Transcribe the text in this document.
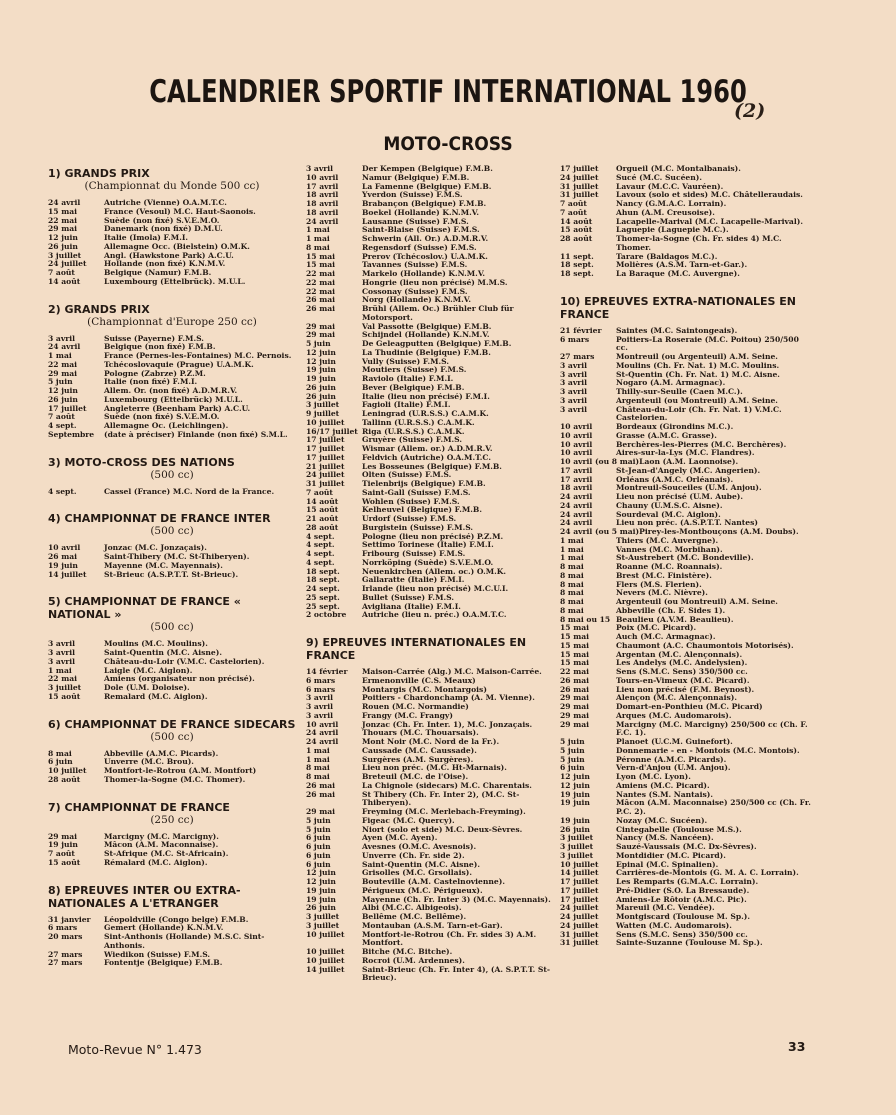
CALENDRIER SPORTIF INTERNATIONAL 1960
(2)
MOTO-CROSS
1) GRANDS PRIX
(Championnat du Monde 500 cc)
24 avril	Autriche (Vienne) O.A.M.T.C.
15 mai	France (Vesoul) M.C. Haut-Saonois.
22 mai	Suède (non fixé) S.V.E.M.O.
29 mai	Danemark (non fixé) D.M.U.
12 juin	Italie (Imola) F.M.I.
26 juin	Allemagne Occ. (Bielstein) O.M.K.
3 juillet	Angl. (Hawkstone Park) A.C.U.
24 juillet	Hollande (non fixé) K.N.M.V.
7 août	Belgique (Namur) F.M.B.
14 août	Luxembourg (Ettelbrück). M.U.L.
2) GRANDS PRIX
(Championnat d'Europe 250 cc)
3 avril	Suisse (Payerne) F.M.S.
24 avril	Belgique (non fixé) F.M.B.
1 mai	France (Pernes-les-Fontaines) M.C. Pernois.
22 mai	Tchécoslovaquie (Prague) U.A.M.K.
29 mai	Pologne (Zabrze) P.Z.M.
5 juin	Italie (non fixé) F.M.I.
12 juin	Allem. Or. (non fixé) A.D.M.R.V.
26 juin	Luxembourg (Ettelbrück) M.U.L.
17 juillet	Angleterre (Beenham Park) A.C.U.
7 août	Suède (non fixé) S.V.E.M.O.
4 sept.	Allemagne Oc. (Leichlingen).
Septembre	(date à préciser) Finlande (non fixé) S.M.L.
3) MOTO-CROSS DES NATIONS
(500 cc)
4 sept.	Cassel (France) M.C. Nord de la France.
4) CHAMPIONNAT DE FRANCE INTER
(500 cc)
10 avril	Jonzac (M.C. Jonzaçais).
26 mai	Saint-Thibery (M.C. St-Thiberyen).
19 juin	Mayenne (M.C. Mayennais).
14 juillet	St-Brieuc (A.S.P.T.T. St-Brieuc).
5) CHAMPIONNAT DE FRANCE « NATIONAL »
(500 cc)
3 avril	Moulins (M.C. Moulins).
3 avril	Saint-Quentin (M.C. Aisne).
3 avril	Château-du-Loir (V.M.C. Castelorien).
1 mai	Laigle (M.C. Aiglon).
22 mai	Amiens (organisateur non précisé).
3 juillet	Dole (U.M. Doloise).
15 août	Remalard (M.C. Aiglon).
6) CHAMPIONNAT DE FRANCE SIDECARS
(500 cc)
8 mai	Abbeville (A.M.C. Picards).
6 juin	Unverre (M.C. Brou).
10 juillet	Montfort-le-Rotrou (A.M. Montfort)
28 août	Thomer-la-Sogne (M.C. Thomer).
7) CHAMPIONNAT DE FRANCE
(250 cc)
29 mai	Marcigny (M.C. Marcigny).
19 juin	Mâcon (A.M. Maconnaise).
7 août	St-Afrique (M.C. St-Africain).
15 août	Rémalard (M.C. Aiglon).
8) EPREUVES INTER OU EXTRA-NATIONALES A L'ETRANGER
31 janvier	Léopoldville (Congo belge) F.M.B.
6 mars	Gemert (Hollande) K.N.M.V.
20 mars	Sint-Anthonis (Hollande) M.S.C. Sint-Anthonis.
27 mars	Wiedikon (Suisse) F.M.S.
27 mars	Fontentje (Belgique) F.M.B.
3 avril	Der Kempen (Belgique) F.M.B.
10 avril	Namur (Belgique) F.M.B.
17 avril	La Famenne (Belgique) F.M.B.
18 avril	Yverdon (Suisse) F.M.S.
18 avril	Brabançon (Belgique) F.M.B.
18 avril	Boekel (Hollande) K.N.M.V.
24 avril	Lausanne (Suisse) F.M.S.
1 mai	Saint-Blaise (Suisse) F.M.S.
1 mai	Schwerin (All. Or.) A.D.M.R.V.
8 mai	Regensdorf (Suisse) F.M.S.
15 mai	Prerov (Tchécoslov.) U.A.M.K.
15 mai	Tavannes (Suisse) F.M.S.
22 mai	Markelo (Hollande) K.N.M.V.
22 mai	Hongrie (lieu non précisé) M.M.S.
22 mai	Cossonay (Suisse) F.M.S.
26 mai	Norg (Hollande) K.N.M.V.
26 mai	Brühl (Allem. Oc.) Brühler Club für Motorsport.
29 mai	Val Passotte (Belgique) F.M.B.
29 mai	Schijndel (Hollande) K.N.M.V.
5 juin	De Geleagputten (Belgique) F.M.B.
12 juin	La Thudinie (Belgique) F.M.B.
12 juin	Vully (Suisse) F.M.S.
19 juin	Moutiers (Suisse) F.M.S.
19 juin	Raviolo (Italie) F.M.I.
26 juin	Bever (Belgique) F.M.B.
26 juin	Italie (lieu non précisé) F.M.I.
3 juillet	Fagioli (Italie) F.M.I.
9 juillet	Leningrad (U.R.S.S.) C.A.M.K.
10 juillet	Tallinn (U.R.S.S.) C.A.M.K.
16/17 juillet Riga (U.R.S.S.) C.A.M.K.
17 juillet	Gruyère (Suisse) F.M.S.
17 juillet	Wismar (Allem. or.) A.D.M.R.V.
17 juillet	Feldvich (Autriche) O.A.M.T.C.
21 juillet	Les Bosseunes (Belgique) F.M.B.
24 juillet	Olten (Suisse) F.M.S.
31 juillet	Tielenbrijs (Belgique) F.M.B.
7 août	Saint-Gall (Suisse) F.M.S.
14 août	Wohlen (Suisse) F.M.S.
15 août	Kelheuvel (Belgique) F.M.B.
21 août	Urdorf (Suisse) F.M.S.
28 août	Burgistein (Suisse) F.M.S.
4 sept.	Pologne (lieu non précisé) P.Z.M.
4 sept.	Settimo Torinese (Italie) F.M.I.
4 sept.	Fribourg (Suisse) F.M.S.
4 sept.	Norrköping (Suède) S.V.E.M.O.
18 sept.	Neuenkirchen (Allem. oc.) O.M.K.
18 sept.	Gallaratte (Italie) F.M.I.
24 sept.	Irlande (lieu non précisé) M.C.U.I.
25 sept.	Bullet (Suisse) F.M.S.
25 sept.	Avigliana (Italie) F.M.I.
2 octobre	Autriche (lieu n. préc.) O.A.M.T.C.
9) EPREUVES INTERNATIONALES EN FRANCE
14 février	Maison-Carrée (Alg.) M.C. Maison-Carrée.
6 mars	Ermenonville (C.S. Meaux)
6 mars	Montargis (M.C. Montargois)
3 avril	Poitiers - Chardonchamp (A. M. Vienne).
3 avril	Rouen (M.C. Normandie)
3 avril	Frangy (M.C. Frangy)
10 avril	Jonzac (Ch. Fr. Inter. 1), M.C. Jonzaçais.
24 avril	Thouars (M.C. Thouarsais).
24 avril	Mont Noir (M.C. Nord de la Fr.).
1 mai	Caussade (M.C. Caussade).
1 mai	Surgères (A.M. Surgères).
8 mai	Lieu non préc. (M.C. Ht-Marnais).
8 mai	Breteuil (M.C. de l'Oise).
26 mai	La Chignole (sidecars) M.C. Charentais.
26 mai	St Thibery (Ch. Fr. Inter 2), (M.C. St-Thiberyen).
29 mai	Freyming (M.C. Merlebach-Freyming).
5 juin	Figeac (M.C. Quercy).
5 juin	Niort (solo et side) M.C. Deux-Sèvres.
6 juin	Ayen (M.C. Ayen).
6 juin	Avesnes (O.M.C. Avesnois).
6 juin	Unverre (Ch. Fr. side 2).
6 juin	Saint-Quentin (M.C. Aisne).
12 juin	Grisolles (M.C. Grsollais).
12 juin	Bouteville (A.M. Castelnovienne).
19 juin	Périgueux (M.C. Périgueux).
19 juin	Mayenne (Ch. Fr. Inter 3) (M.C. Mayennais).
26 juin	Albi (M.C.C. Albigeois).
3 juillet	Bellême (M.C. Bellême).
3 juillet	Montauban (A.S.M. Tarn-et-Gar).
10 juillet	Montfort-le-Rotrou (Ch. Fr. sides 3) A.M. Montfort.
10 juillet	Bitche (M.C. Bitche).
10 juillet	Rocroi (U.M. Ardennes).
14 juillet	Saint-Brieuc (Ch. Fr. Inter 4), (A. S.P.T.T. St-Brieuc).
17 juillet	Orgueil (M.C. Montalbanais).
24 juillet	Sucé (M.C. Sucéen).
31 juillet	Lavaur (M.C.C. Vauréen).
31 juillet	Lavoux (solo et sides) M.C. Châtelleraudais.
7 août	Nancy (G.M.A.C. Lorrain).
7 août	Ahun (A.M. Creusoise).
14 août	Lacapelle-Marival (M.C. Lacapelle-Marival).
15 août	Laguepie (Laguepie M.C.).
28 août	Thomer-la-Sogne (Ch. Fr. sides 4) M.C. Thomer.
11 sept.	Tarare (Baldagos M.C.).
18 sept.	Molières (A.S.M. Tarn-et-Gar.).
18 sept.	La Baraque (M.C. Auvergne).
10) EPREUVES EXTRA-NATIONALES EN FRANCE
21 février	Saintes (M.C. Saintongeais).
6 mars	Poitiers-La Roseraie (M.C. Poitou) 250/500 cc.
27 mars	Montreuil (ou Argenteuil) A.M. Seine.
3 avril	Moulins (Ch. Fr. Nat. 1) M.C. Moulins.
3 avril	St-Quentin (Ch. Fr. Nat. 1) M.C. Aisne.
3 avril	Nogaro (A.M. Armagnac).
3 avril	Thilly-sur-Seulle (Caen M.C.).
3 avril	Argenteuil (ou Montreuil) A.M. Seine.
3 avril	Château-du-Loir (Ch. Fr. Nat. 1) V.M.C. Castelorien.
10 avril	Bordeaux (Girondins M.C.).
10 avril	Grasse (A.M.C. Grasse).
10 avril	Berchères-les-Pierres (M.C. Berchères).
10 avril	Aires-sur-la-Lys (M.C. Flandres).
10 avril (ou 8 mai) Laon (A.M. Laonnoise).
17 avril	St-Jean-d'Angely (M.C. Angerien).
17 avril	Orléans (A.M.C. Orléanais).
18 avril	Montreuil-Souceiles (U.M. Anjou).
24 avril	Lieu non précisé (U.M. Aube).
24 avril	Chauny (U.M.S.C. Aisne).
24 avril	Sourdeval (M.C. Aiglon).
24 avril	Lieu non préc. (A.S.P.T.T. Nantes)
24 avril (ou 5 mai) Pirey-les-Montbouçons (A.M. Doubs).
1 mai	Thiers (M.C. Auvergne).
1 mai	Vannes (M.C. Morbihan).
1 mai	St-Austrebert (M.C. Bondeville).
8 mai	Roanne (M.C. Roannais).
8 mai	Brest (M.C. Finistère).
8 mai	Flers (M.S. Flerien).
8 mai	Nevers (M.C. Nièvre).
8 mai	Argenteuil (ou Montreuil) A.M. Seine.
8 mai	Abbeville (Ch. F. Sides 1).
8 mai ou 15 Beaulieu (A.V.M. Beaulieu).
15 mai	Poix (M.C. Picard).
15 mai	Auch (M.C. Armagnac).
15 mai	Chaumont (A.C. Chaumontois Motorisés).
15 mai	Argentan (M.C. Alençonnais).
15 mai	Les Andelys (M.C. Andelysien).
22 mai	Sens (S.M.C. Sens) 350/500 cc.
26 mai	Tours-en-Vimeux (M.C. Picard).
26 mai	Lieu non précisé (F.M. Beynost).
29 mai	Alençon (M.C. Alençonnais).
29 mai	Domart-en-Ponthieu (M.C. Picard)
29 mai	Arques (M.C. Audomarois).
29 mai	Marcigny (M.C. Marcigny) 250/500 cc (Ch. F. F.C. 1).
5 juin	Planoet (U.C.M. Guinefort).
5 juin	Donnemarie - en - Montois (M.C. Montois).
5 juin	Péronne (A.M.C. Picards).
6 juin	Vern-d'Anjou (U.M. Anjou).
12 juin	Lyon (M.C. Lyon).
12 juin	Amiens (M.C. Picard).
19 juin	Nantes (S.M. Nantais).
19 juin	Mâcon (A.M. Maconnaise) 250/500 cc (Ch. Fr. P.C. 2).
19 juin	Nozay (M.C. Sucéen).
26 juin	Cintegabelle (Toulouse M.S.).
3 juillet	Nancy (M.S. Nancéen).
3 juillet	Sauzé-Vaussais (M.C. Dx-Sèvres).
3 juillet	Montdidier (M.C. Picard).
10 juillet	Epinal (M.C. Spinalien).
14 juillet	Carrières-de-Montois (G. M. A. C. Lorrain).
17 juillet	Les Remparts (G.M.A.C. Lorrain).
17 juillet	Pré-Didier (S.O. La Bressaude).
17 juillet	Amiens-Le Rôtoir (A.M.C. Pic).
24 juillet	Mareuil (M.C. Vendée).
24 juillet	Montgiscard (Toulouse M. Sp.).
24 juillet	Watten (M.C. Audomarois).
31 juillet	Sens (S.M.C. Sens) 350/500 cc.
31 juillet	Sainte-Suzanne (Toulouse M. Sp.).
Moto-Revue N° 1.473	33
